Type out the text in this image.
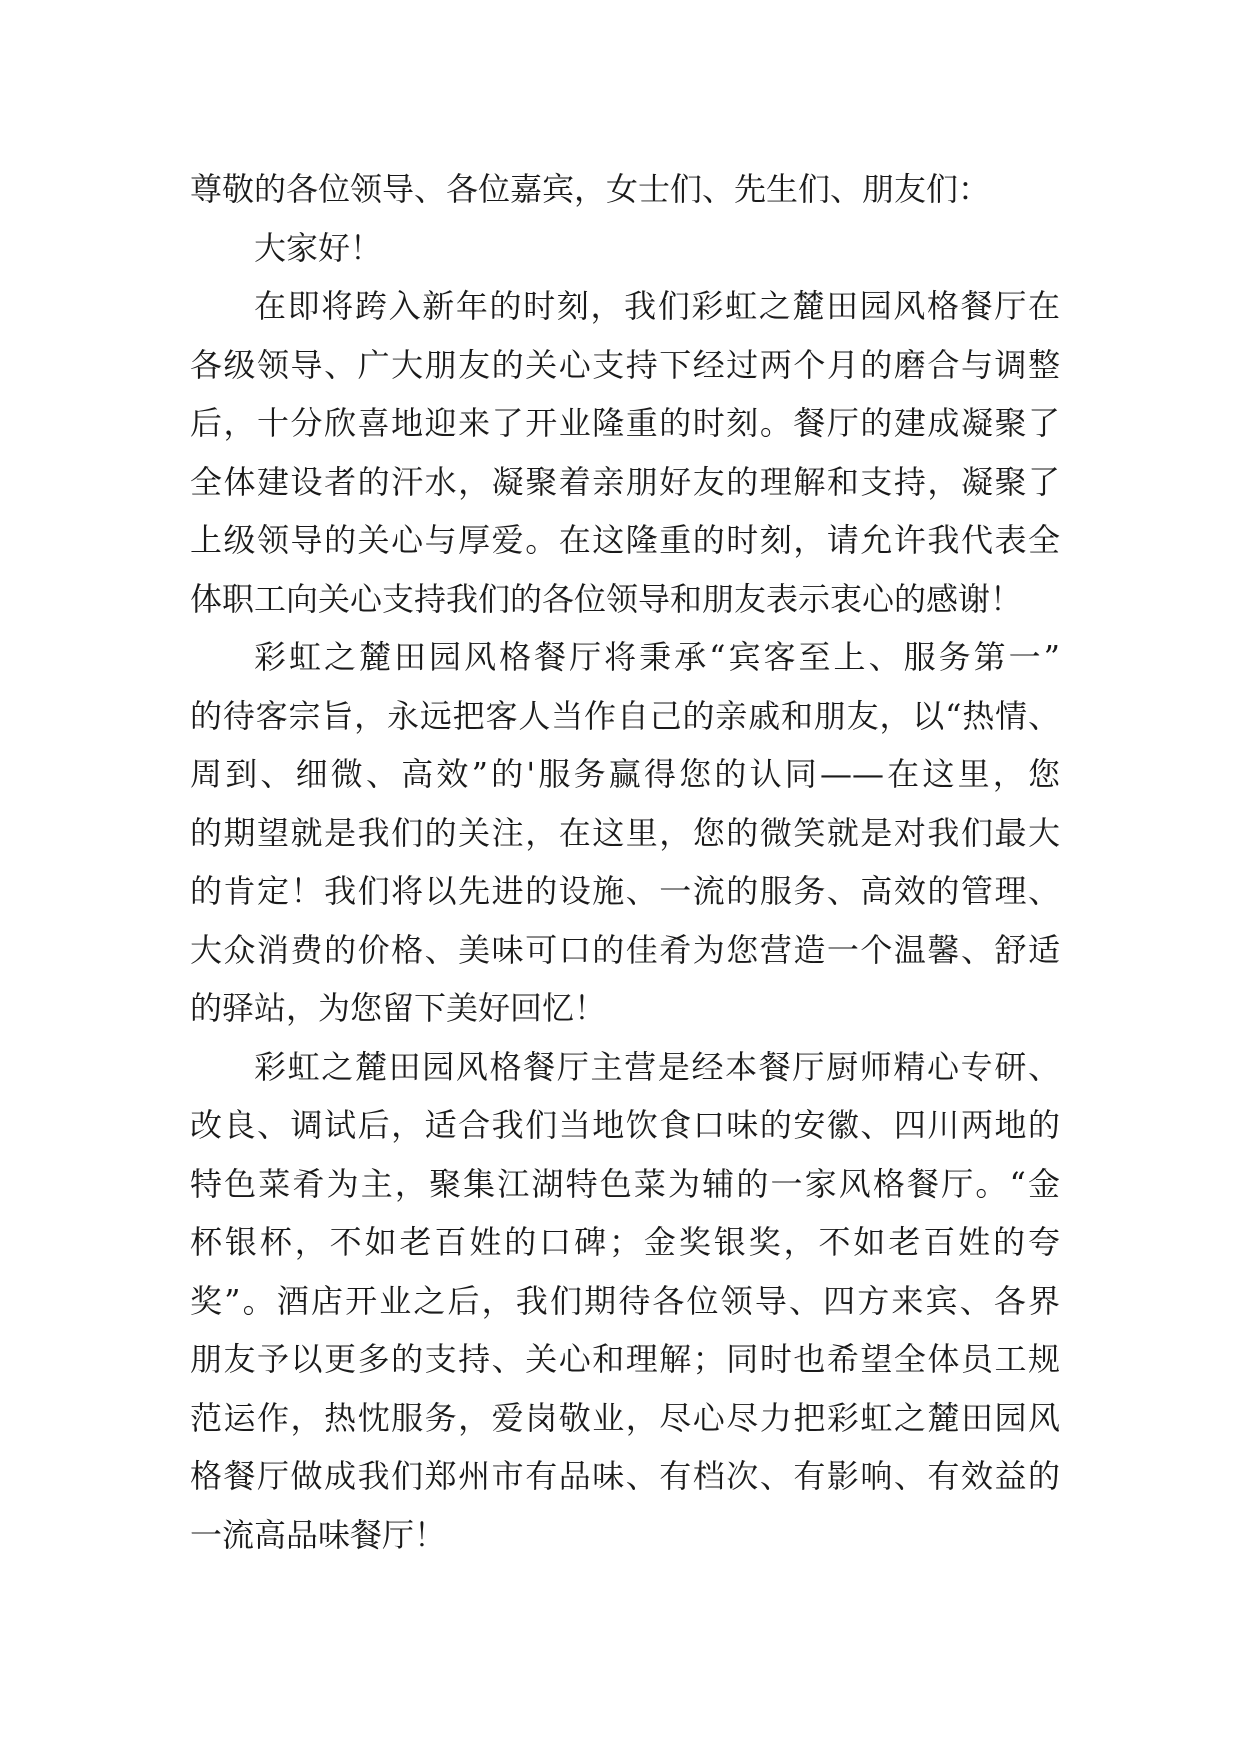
尊敬的各位领导、各位嘉宾，女士们、先生们、朋友们：
大家好！
在即将跨入新年的时刻，我们彩虹之麓田园风格餐厅在
各级领导、广大朋友的关心支持下经过两个月的磨合与调整
后，十分欣喜地迎来了开业隆重的时刻。餐厅的建成凝聚了
全体建设者的汗水，凝聚着亲朋好友的理解和支持，凝聚了
上级领导的关心与厚爱。在这隆重的时刻，请允许我代表全
体职工向关心支持我们的各位领导和朋友表示衷心的感谢！
彩虹之麓田园风格餐厅将秉承“宾客至上、服务第一”
的待客宗旨，永远把客人当作自己的亲戚和朋友，以“热情、
周到、细微、高效”的'服务赢得您的认同——在这里，您
的期望就是我们的关注，在这里，您的微笑就是对我们最大
的肯定！我们将以先进的设施、一流的服务、高效的管理、
大众消费的价格、美味可口的佳肴为您营造一个温馨、舒适
的驿站，为您留下美好回忆！
彩虹之麓田园风格餐厅主营是经本餐厅厨师精心专研、
改良、调试后，适合我们当地饮食口味的安徽、四川两地的
特色菜肴为主，聚集江湖特色菜为辅的一家风格餐厅。“金
杯银杯，不如老百姓的口碑；金奖银奖，不如老百姓的夸
奖”。酒店开业之后，我们期待各位领导、四方来宾、各界
朋友予以更多的支持、关心和理解；同时也希望全体员工规
范运作，热忱服务，爱岗敬业，尽心尽力把彩虹之麓田园风
格餐厅做成我们郑州市有品味、有档次、有影响、有效益的
一流高品味餐厅！
